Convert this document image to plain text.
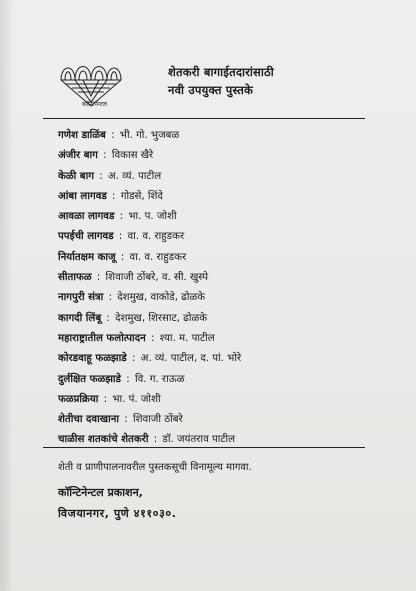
कॉन्टिनेन्टल
शेतकरी बागाईतदारांसाठी
नवी उपयुक्त पुस्तके
गणेश डाळिंब : भी. गो. भुजबळ
अंजीर बाग : विकास खैरे
केळी बाग : अ. व्यं. पाटील
आंबा लागवड : गोडसे, शिंदे
आवळा लागवड : भा. प. जोशी
पपईची लागवड : वा. व. राहुडकर
निर्यातक्षम काजू : वा. व. राहुडकर
सीताफळ : शिवाजी ठोंबरे, व. सी. खुस्पे
नागपुरी संत्रा : देशमुख, वाकोडे, ढोळके
कागदी लिंबू : देशमुख, शिरसाट, ढोळके
महाराष्ट्रातील फलोत्पादन : श्या. म. पाटील
कोरडवाहू फळझाडे : अ. व्यं. पाटील, द. पां. भोरे
दुर्लक्षित फळझाडे : वि. ग. राऊळ
फळप्रक्रिया : भा. पं. जोशी
शेतीचा दवाखाना : शिवाजी ठोंबरे
चाळीस शतकांचे शेतकरी : डॉ. जयंतराव पाटील
शेती व प्राणीपालनावरील पुस्तकसूची विनामूल्य मागवा.
कॉन्टिनेन्टल प्रकाशन,
विजयानगर, पुणे ४११०३०.
